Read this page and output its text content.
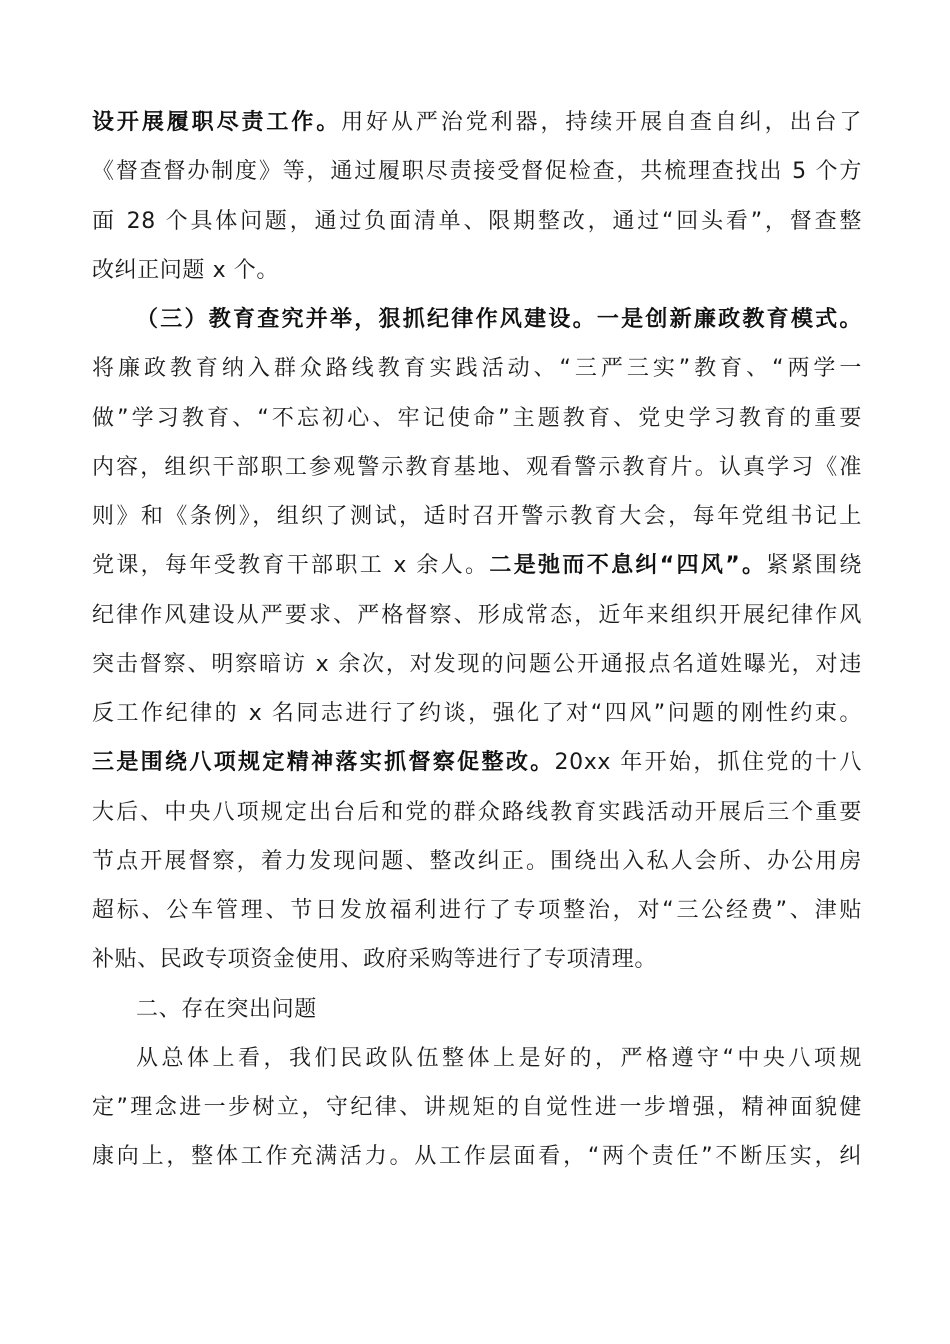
设开展履职尽责工作。用好从严治党利器，持续开展自查自纠，出台了
《督查督办制度》等，通过履职尽责接受督促检查，共梳理查找出 5 个方
面 28 个具体问题，通过负面清单、限期整改，通过“回头看”，督查整
改纠正问题 x 个。
（三）教育查究并举，狠抓纪律作风建设。一是创新廉政教育模式。
将廉政教育纳入群众路线教育实践活动、“三严三实”教育、“两学一
做”学习教育、“不忘初心、牢记使命”主题教育、党史学习教育的重要
内容，组织干部职工参观警示教育基地、观看警示教育片。认真学习《准
则》和《条例》，组织了测试，适时召开警示教育大会，每年党组书记上
党课，每年受教育干部职工 x 余人。二是弛而不息纠“四风”。紧紧围绕
纪律作风建设从严要求、严格督察、形成常态，近年来组织开展纪律作风
突击督察、明察暗访 x 余次，对发现的问题公开通报点名道姓曝光，对违
反工作纪律的 x 名同志进行了约谈，强化了对“四风”问题的刚性约束。
三是围绕八项规定精神落实抓督察促整改。20xx 年开始，抓住党的十八
大后、中央八项规定出台后和党的群众路线教育实践活动开展后三个重要
节点开展督察，着力发现问题、整改纠正。围绕出入私人会所、办公用房
超标、公车管理、节日发放福利进行了专项整治，对“三公经费”、津贴
补贴、民政专项资金使用、政府采购等进行了专项清理。
二、存在突出问题
从总体上看，我们民政队伍整体上是好的，严格遵守“中央八项规
定”理念进一步树立，守纪律、讲规矩的自觉性进一步增强，精神面貌健
康向上，整体工作充满活力。从工作层面看，“两个责任”不断压实，纠
